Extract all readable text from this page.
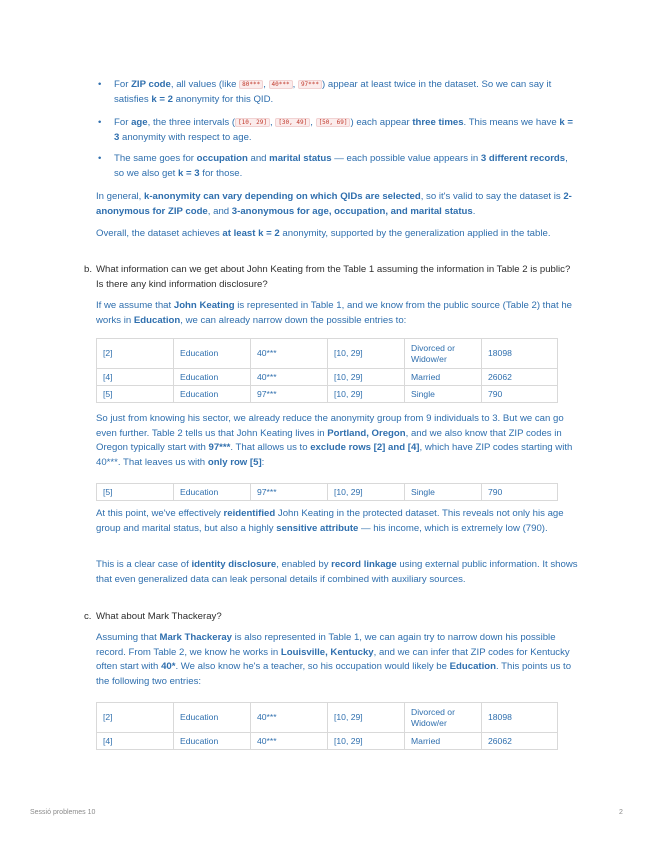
• For ZIP code, all values (like 80*** , 40*** , 97*** ) appear at least twice in the dataset. So we can say it satisfies k = 2 anonymity for this QID.
• For age, the three intervals ( [10, 29] , [30, 49] , [50, 69] ) each appear three times. This means we have k = 3 anonymity with respect to age.
• The same goes for occupation and marital status — each possible value appears in 3 different records, so we also get k = 3 for those.
In general, k-anonymity can vary depending on which QIDs are selected, so it's valid to say the dataset is 2-anonymous for ZIP code, and 3-anonymous for age, occupation, and marital status.
Overall, the dataset achieves at least k = 2 anonymity, supported by the generalization applied in the table.
b. What information can we get about John Keating from the Table 1 assuming the information in Table 2 is public? Is there any kind information disclosure?
If we assume that John Keating is represented in Table 1, and we know from the public source (Table 2) that he works in Education, we can already narrow down the possible entries to:
[2]	Education	40***	[10, 29]	Divorced or Widow/er	18098
[4]	Education	40***	[10, 29]	Married	26062
[5]	Education	97***	[10, 29]	Single	790
So just from knowing his sector, we already reduce the anonymity group from 9 individuals to 3. But we can go even further. Table 2 tells us that John Keating lives in Portland, Oregon, and we also know that ZIP codes in Oregon typically start with 97***. That allows us to exclude rows [2] and [4], which have ZIP codes starting with 40***. That leaves us with only row [5]:
[5]	Education	97***	[10, 29]	Single	790
At this point, we've effectively reidentified John Keating in the protected dataset. This reveals not only his age group and marital status, but also a highly sensitive attribute — his income, which is extremely low (790).
This is a clear case of identity disclosure, enabled by record linkage using external public information. It shows that even generalized data can leak personal details if combined with auxiliary sources.
c. What about Mark Thackeray?
Assuming that Mark Thackeray is also represented in Table 1, we can again try to narrow down his possible record. From Table 2, we know he works in Louisville, Kentucky, and we can infer that ZIP codes for Kentucky often start with 40*. We also know he's a teacher, so his occupation would likely be Education. This points us to the following two entries:
[2]	Education	40***	[10, 29]	Divorced or Widow/er	18098
[4]	Education	40***	[10, 29]	Married	26062
Sessió problemes 10	2
